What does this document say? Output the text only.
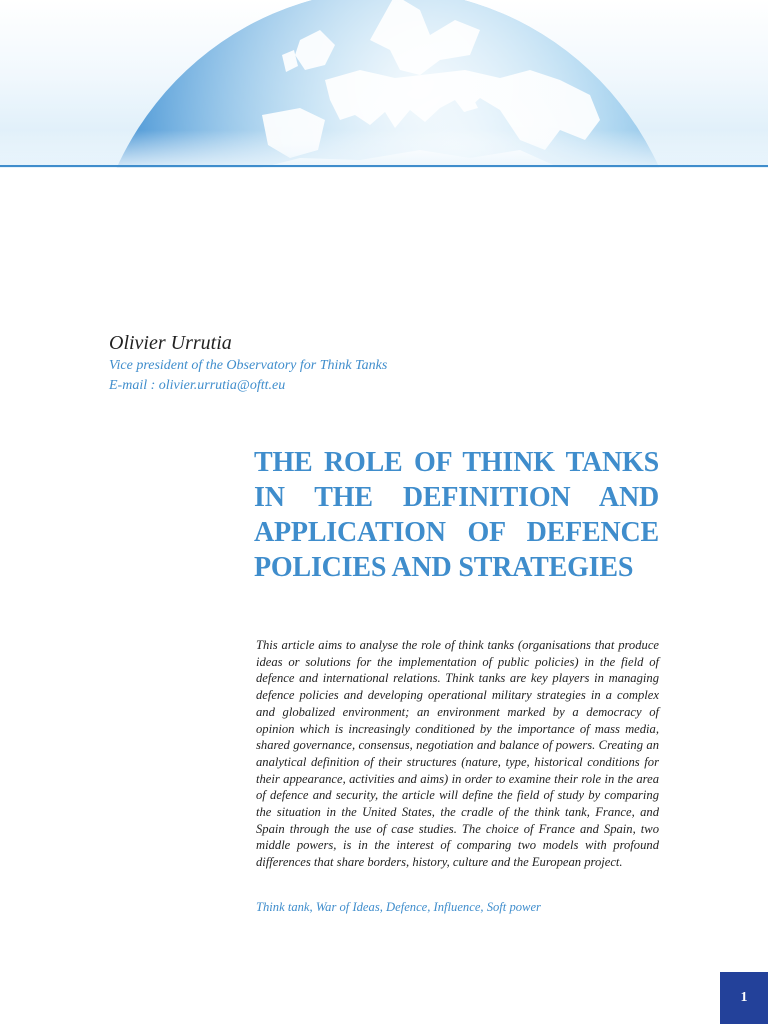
Olivier Urrutia
Vice president of the Observatory for Think Tanks
E-mail : olivier.urrutia@oftt.eu
THE ROLE OF THINK TANKS IN THE DEFINITION AND APPLICATION OF DEFENCE POLICIES AND STRATEGIES

This article aims to analyse the role of think tanks (organisations that produce ideas or solutions for the implementation of public policies) in the field of defence and international relations. Think tanks are key players in managing defence policies and developing operational military strategies in a complex and globalized environment; an environment marked by a democracy of opinion which is increasingly conditioned by the importance of mass media, shared governance, consensus, negotiation and balance of powers. Creating an analytical definition of their structures (nature, type, historical conditions for their appearance, activities and aims) in order to examine their role in the area of defence and security, the article will define the field of study by comparing the situation in the United States, the cradle of the think tank, France, and Spain through the use of case studies. The choice of France and Spain, two middle powers, is in the interest of comparing two models with profound differences that share borders, history, culture and the European project.

Think tank, War of Ideas, Defence, Influence, Soft power

1
